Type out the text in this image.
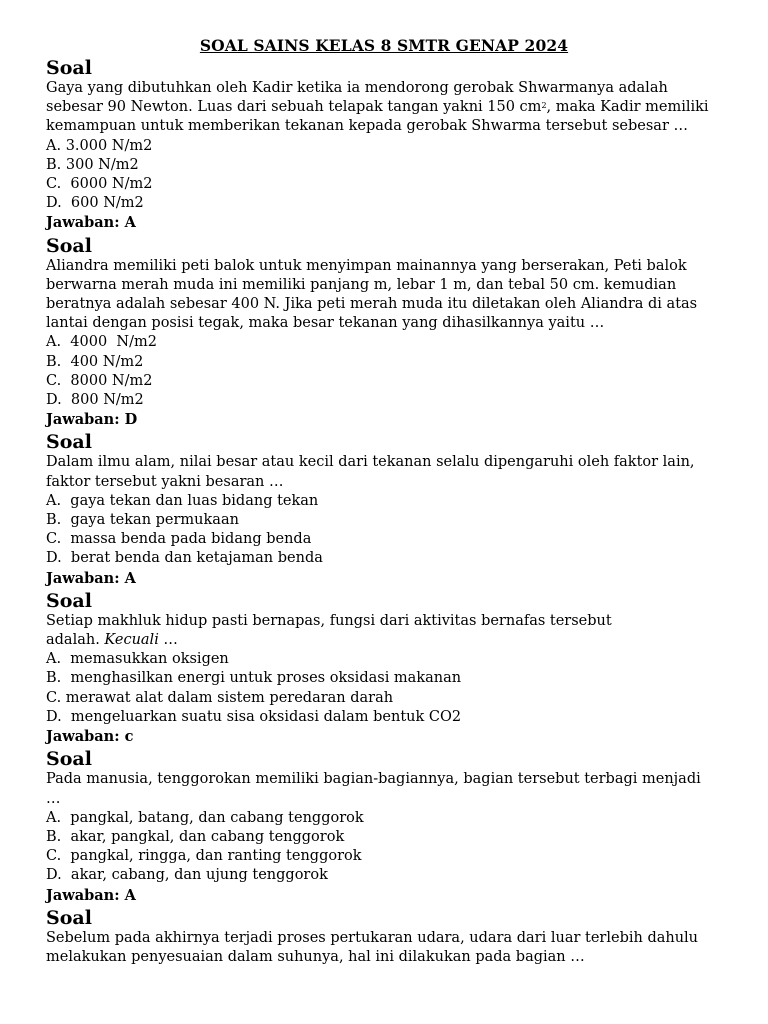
SOAL SAINS KELAS 8 SMTR GENAP 2024

Soal

Gaya yang dibutuhkan oleh Kadir ketika ia mendorong gerobak Shwarmanya adalah

sebesar 90 Newton. Luas dari sebuah telapak tangan yakni 150 $cm^2$, maka Kadir memiliki

kemampuan untuk memberikan tekanan kepada gerobak Shwarma tersebut sebesar …

A. 3.000 N/m2

B. 300 N/m2

C.  6000 N/m2

D.  600 N/m2

Jawaban: A

Soal

Aliandra memiliki peti balok untuk menyimpan mainannya yang berserakan, Peti balok

berwarna merah muda ini memiliki panjang m, lebar 1 m, dan tebal 50 cm. kemudian

beratnya adalah sebesar 400 N. Jika peti merah muda itu diletakan oleh Aliandra di atas

lantai dengan posisi tegak, maka besar tekanan yang dihasilkannya yaitu …

A.  4000  N/m2

B.  400 N/m2

C.  8000 N/m2

D.  800 N/m2

Jawaban: D

Soal

Dalam ilmu alam, nilai besar atau kecil dari tekanan selalu dipengaruhi oleh faktor lain,

faktor tersebut yakni besaran …

A.  gaya tekan dan luas bidang tekan

B.  gaya tekan permukaan

C.  massa benda pada bidang benda

D.  berat benda dan ketajaman benda

Jawaban: A

Soal

Setiap makhluk hidup pasti bernapas, fungsi dari aktivitas bernafas tersebut

adalah. Kecuali …

A.  memasukkan oksigen

B.  menghasilkan energi untuk proses oksidasi makanan

C. merawat alat dalam sistem peredaran darah

D.  mengeluarkan suatu sisa oksidasi dalam bentuk CO2

Jawaban: c

Soal

Pada manusia, tenggorokan memiliki bagian-bagiannya, bagian tersebut terbagi menjadi

…

A.  pangkal, batang, dan cabang tenggorok

B.  akar, pangkal, dan cabang tenggorok

C.  pangkal, ringga, dan ranting tenggorok

D.  akar, cabang, dan ujung tenggorok

Jawaban: A

Soal

Sebelum pada akhirnya terjadi proses pertukaran udara, udara dari luar terlebih dahulu

melakukan penyesuaian dalam suhunya, hal ini dilakukan pada bagian …
